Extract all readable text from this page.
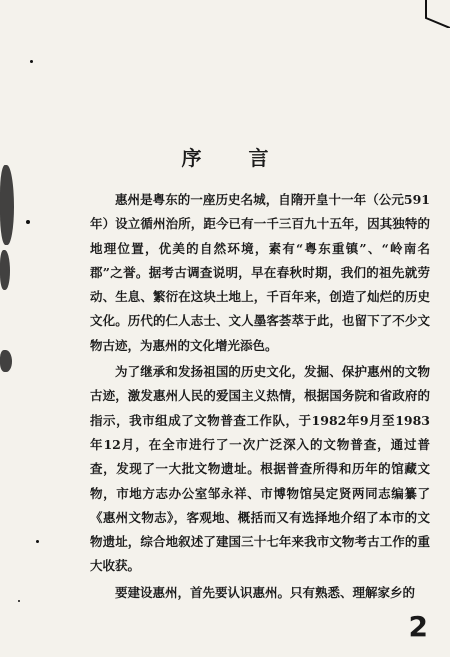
序 言

惠州是粤东的一座历史名城，自隋开皇十一年（公元591年）设立循州治所，距今已有一千三百九十五年，因其独特的地理位置，优美的自然环境，素有“粤东重镇”、“岭南名郡”之誉。据考古调查说明，早在春秋时期，我们的祖先就劳动、生息、繁衍在这块土地上，千百年来，创造了灿烂的历史文化。历代的仁人志士、文人墨客荟萃于此，也留下了不少文物古迹，为惠州的文化增光添色。

为了继承和发扬祖国的历史文化，发掘、保护惠州的文物古迹，激发惠州人民的爱国主义热情，根据国务院和省政府的指示，我市组成了文物普查工作队，于1982年9月至1983年12月，在全市进行了一次广泛深入的文物普查，通过普查，发现了一大批文物遗址。根据普查所得和历年的馆藏文物，市地方志办公室邹永祥、市博物馆吴定贤两同志编纂了《惠州文物志》，客观地、概括而又有选择地介绍了本市的文物遗址，综合地叙述了建国三十七年来我市文物考古工作的重大收获。

要建设惠州，首先要认识惠州。只有熟悉、理解家乡的

2
